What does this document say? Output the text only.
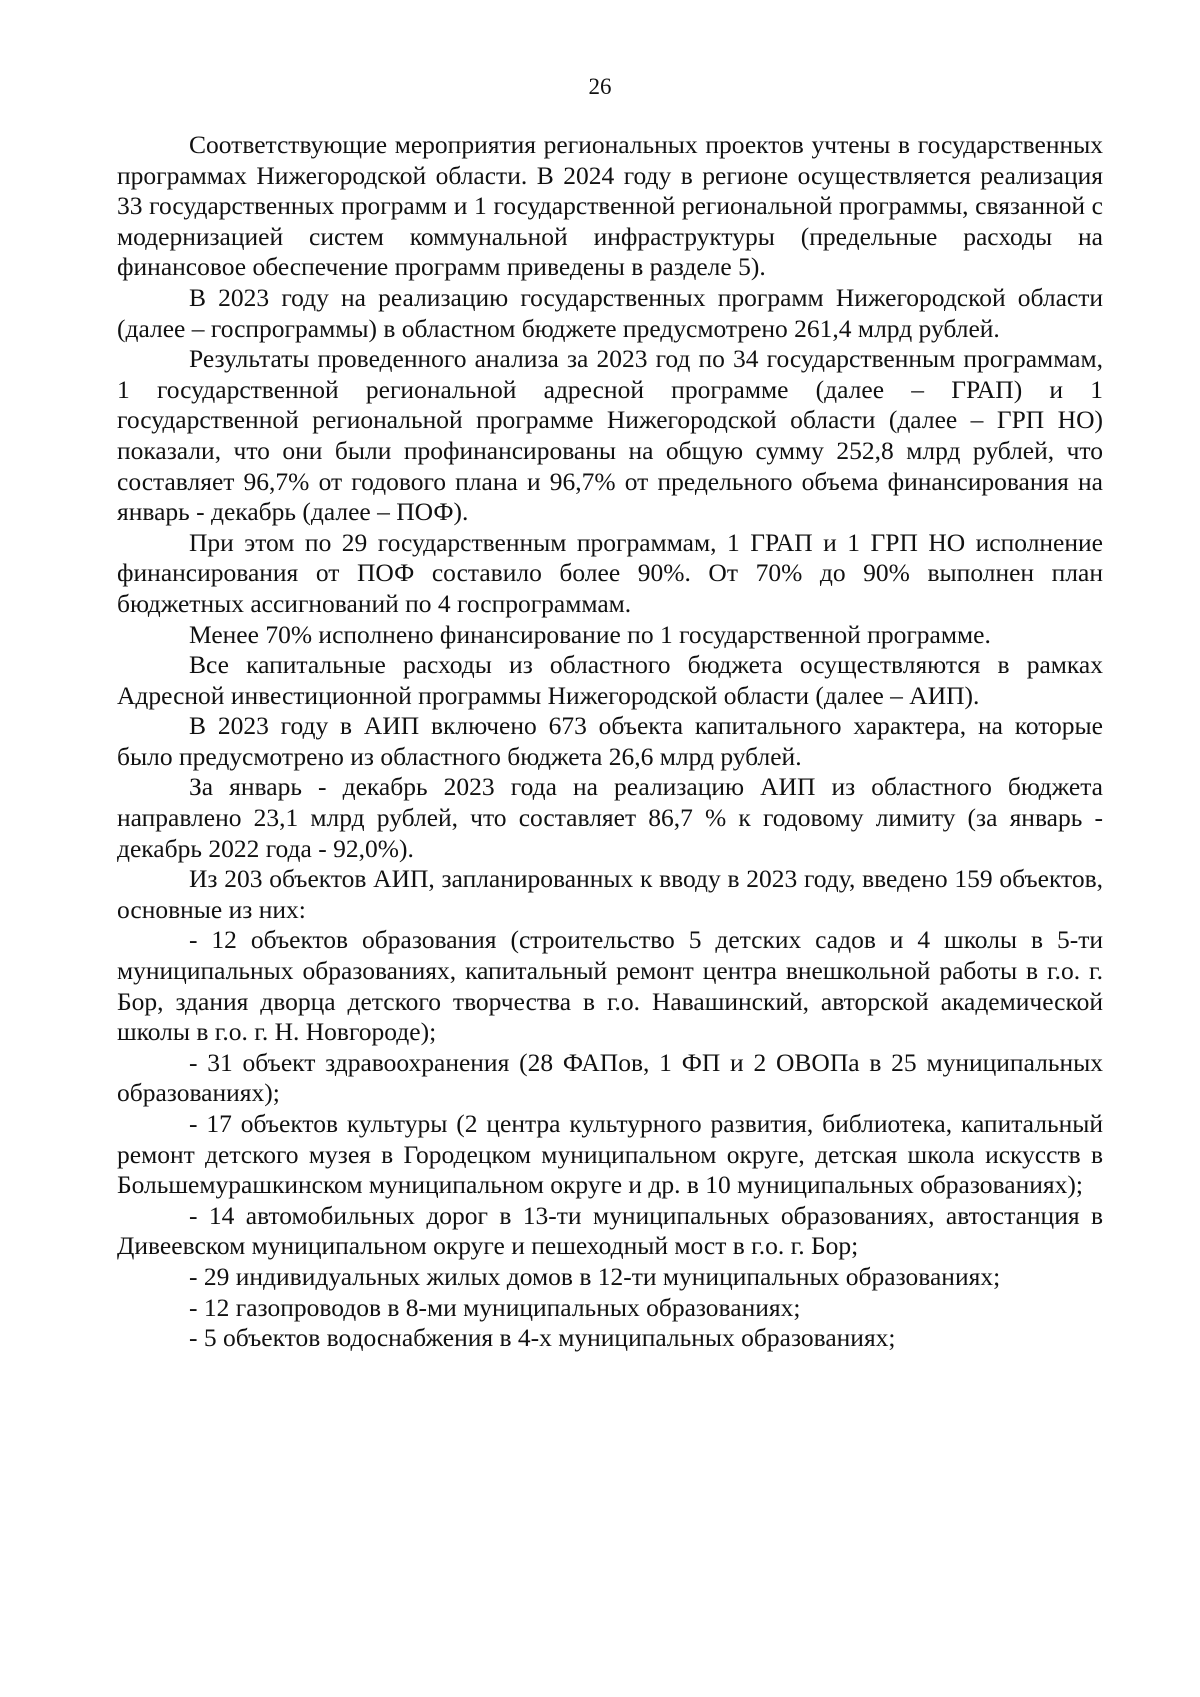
26

Соответствующие мероприятия региональных проектов учтены в государственных программах Нижегородской области. В 2024 году в регионе осуществляется реализация 33 государственных программ и 1 государственной региональной программы, связанной с модернизацией систем коммунальной инфраструктуры (предельные расходы на финансовое обеспечение программ приведены в разделе 5).

В 2023 году на реализацию государственных программ Нижегородской области (далее – госпрограммы) в областном бюджете предусмотрено 261,4 млрд рублей.

Результаты проведенного анализа за 2023 год по 34 государственным программам, 1 государственной региональной адресной программе (далее – ГРАП) и 1 государственной региональной программе Нижегородской области (далее – ГРП НО) показали, что они были профинансированы на общую сумму 252,8 млрд рублей, что составляет 96,7% от годового плана и 96,7% от предельного объема финансирования на январь - декабрь (далее – ПОФ).

При этом по 29 государственным программам, 1 ГРАП и 1 ГРП НО исполнение финансирования от ПОФ составило более 90%. От 70% до 90% выполнен план бюджетных ассигнований по 4 госпрограммам.

Менее 70% исполнено финансирование по 1 государственной программе.

Все капитальные расходы из областного бюджета осуществляются в рамках Адресной инвестиционной программы Нижегородской области (далее – АИП).

В 2023 году в АИП включено 673 объекта капитального характера, на которые было предусмотрено из областного бюджета 26,6 млрд рублей.

За январь - декабрь 2023 года на реализацию АИП из областного бюджета направлено 23,1 млрд рублей, что составляет 86,7 % к годовому лимиту (за январь - декабрь 2022 года - 92,0%).

Из 203 объектов АИП, запланированных к вводу в 2023 году, введено 159 объектов, основные из них:

- 12 объектов образования (строительство 5 детских садов и 4 школы в 5-ти муниципальных образованиях, капитальный ремонт центра внешкольной работы в г.о. г. Бор, здания дворца детского творчества в г.о. Навашинский, авторской академической школы в г.о. г. Н. Новгороде);

- 31 объект здравоохранения (28 ФАПов, 1 ФП и 2 ОВОПа в 25 муниципальных образованиях);

- 17 объектов культуры (2 центра культурного развития, библиотека, капитальный ремонт детского музея в Городецком муниципальном округе, детская школа искусств в Большемурашкинском муниципальном округе и др. в 10 муниципальных образованиях);

- 14 автомобильных дорог в 13-ти муниципальных образованиях, автостанция в Дивеевском муниципальном округе и пешеходный мост в г.о. г. Бор;

- 29 индивидуальных жилых домов в 12-ти муниципальных образованиях;

- 12 газопроводов в 8-ми муниципальных образованиях;

- 5 объектов водоснабжения в 4-х муниципальных образованиях;
